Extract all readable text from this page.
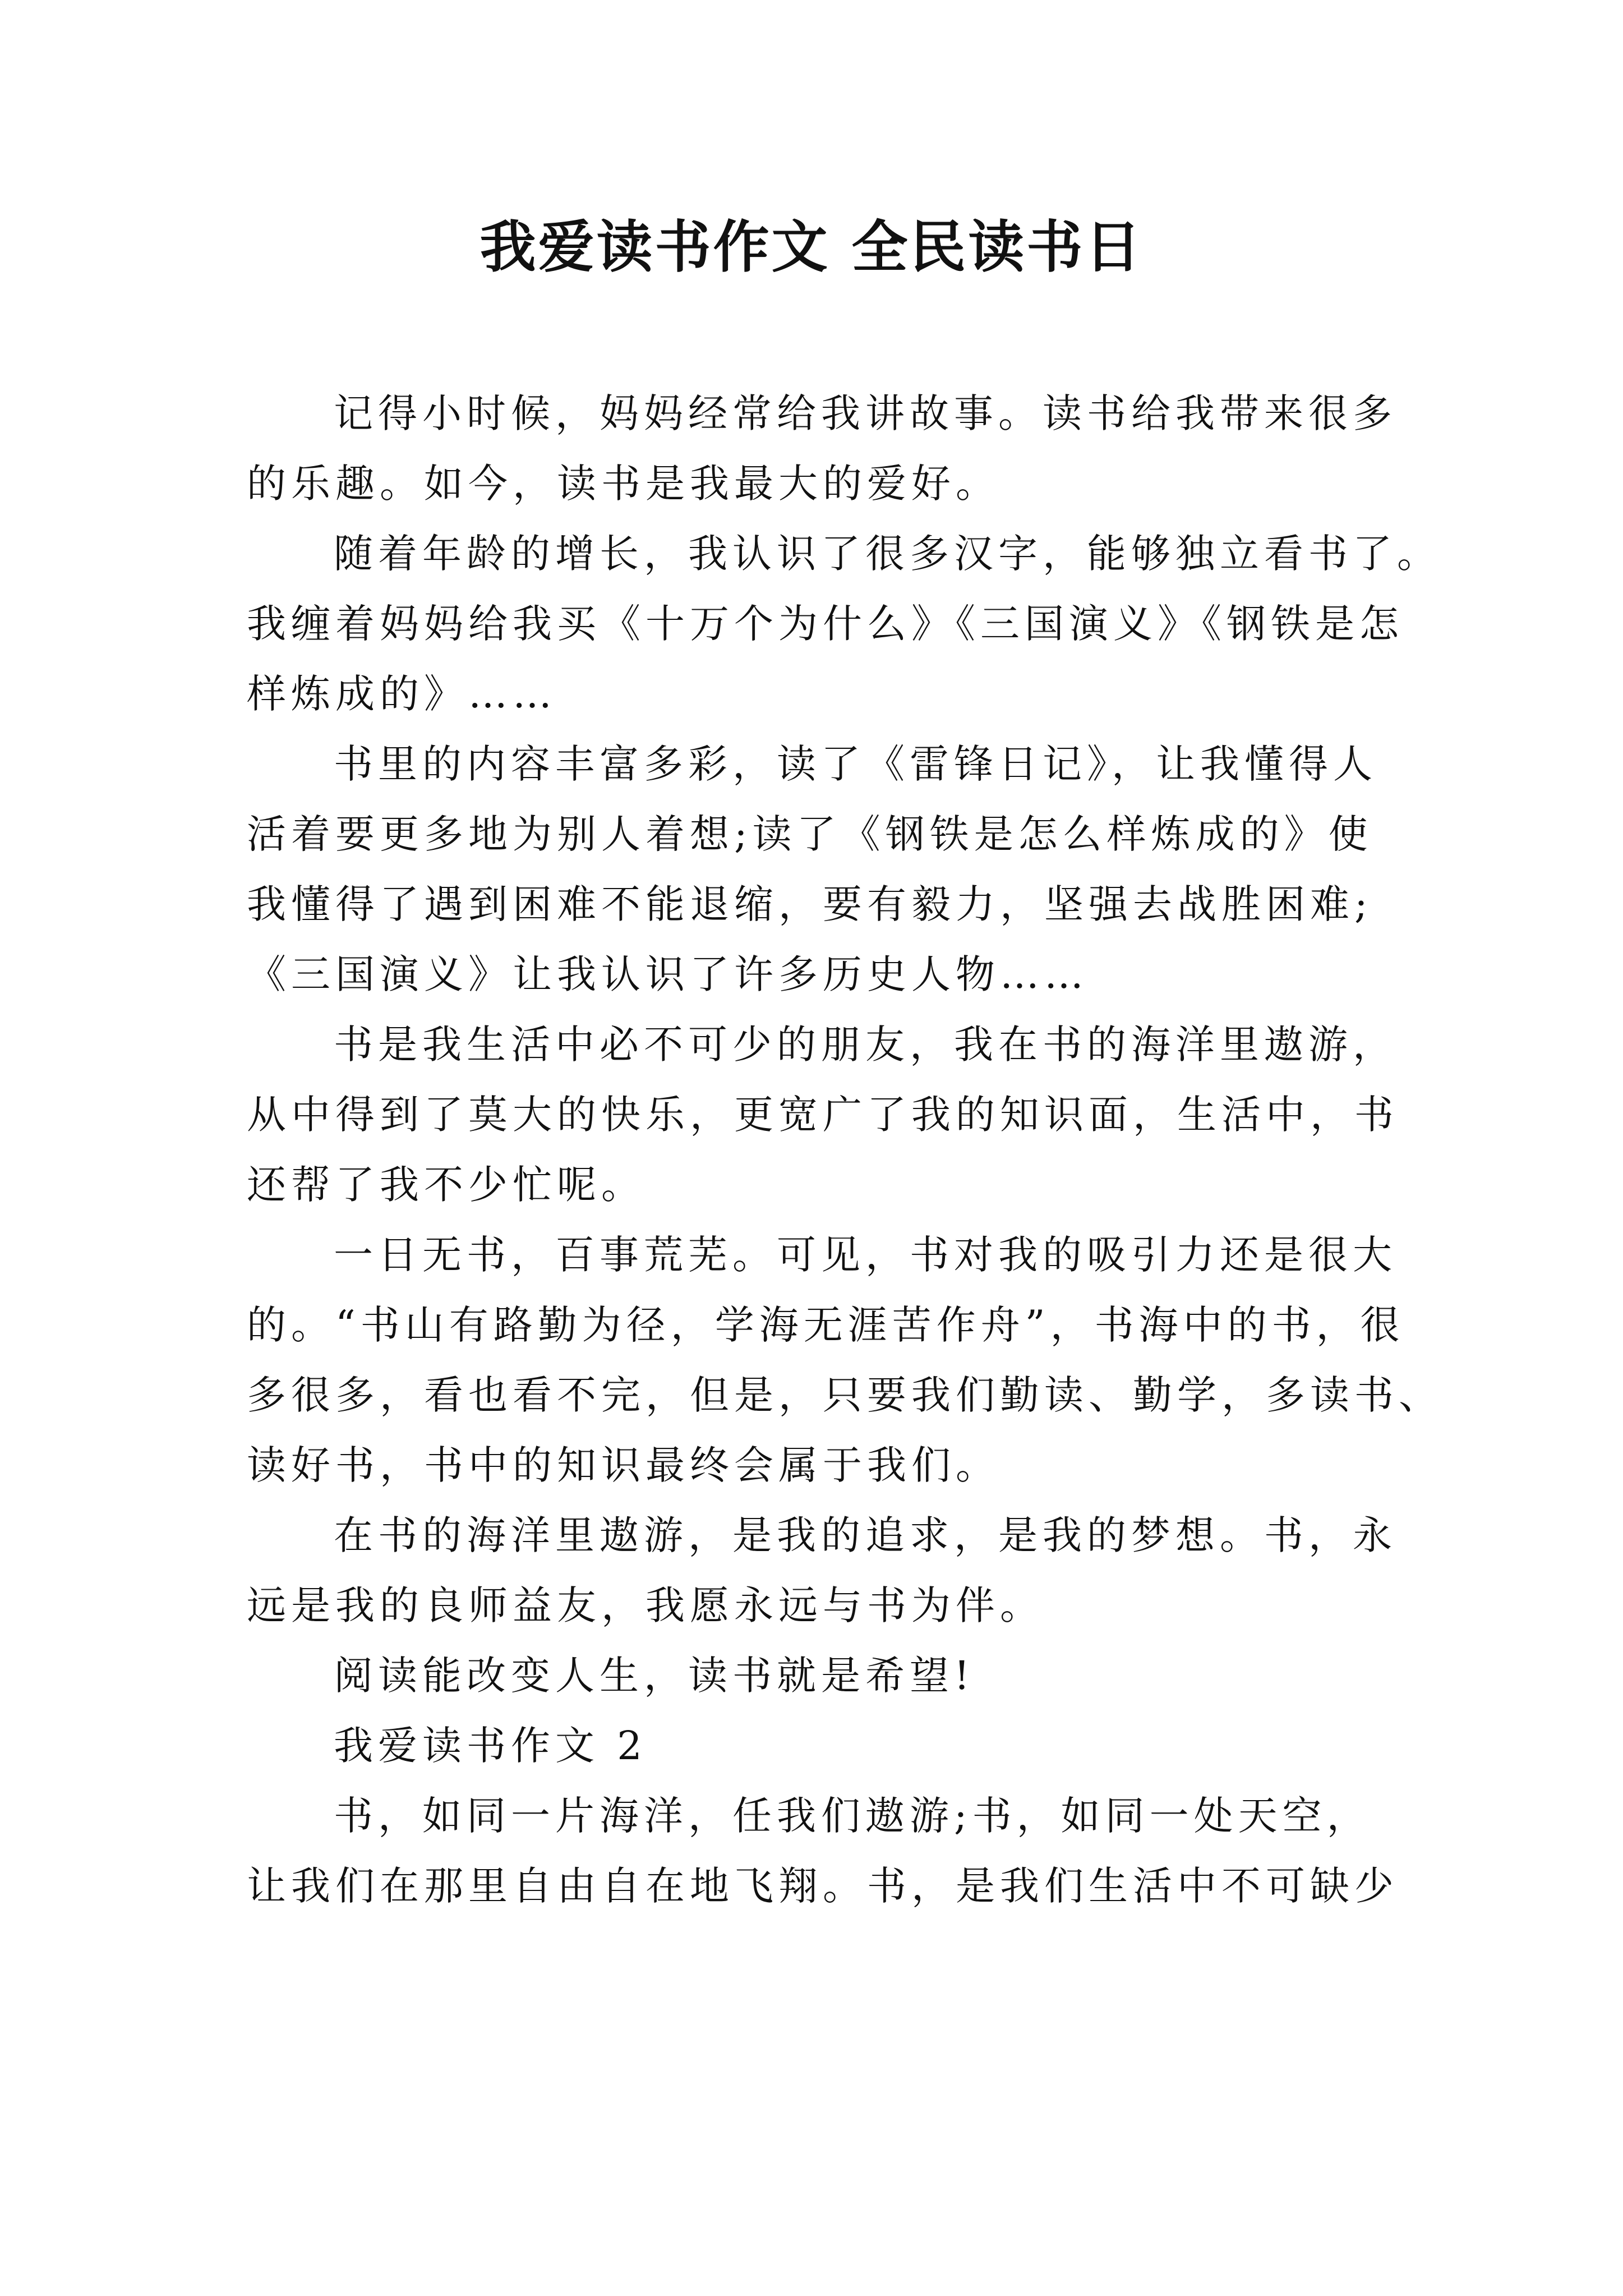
我爱读书作文 全民读书日
记得小时候，妈妈经常给我讲故事。读书给我带来很多
的乐趣。如今，读书是我最大的爱好。
随着年龄的增长，我认识了很多汉字，能够独立看书了。
我缠着妈妈给我买《十万个为什么》《三国演义》《钢铁是怎
样炼成的》……
书里的内容丰富多彩，读了《雷锋日记》，让我懂得人
活着要更多地为别人着想;读了《钢铁是怎么样炼成的》使
我懂得了遇到困难不能退缩，要有毅力，坚强去战胜困难;
《三国演义》让我认识了许多历史人物……
书是我生活中必不可少的朋友，我在书的海洋里遨游，
从中得到了莫大的快乐，更宽广了我的知识面，生活中，书
还帮了我不少忙呢。
一日无书，百事荒芜。可见，书对我的吸引力还是很大
的。“书山有路勤为径，学海无涯苦作舟”，书海中的书，很
多很多，看也看不完，但是，只要我们勤读、勤学，多读书、
读好书，书中的知识最终会属于我们。
在书的海洋里遨游，是我的追求，是我的梦想。书，永
远是我的良师益友，我愿永远与书为伴。
阅读能改变人生，读书就是希望!
我爱读书作文 2
书，如同一片海洋，任我们遨游;书，如同一处天空，
让我们在那里自由自在地飞翔。书，是我们生活中不可缺少
